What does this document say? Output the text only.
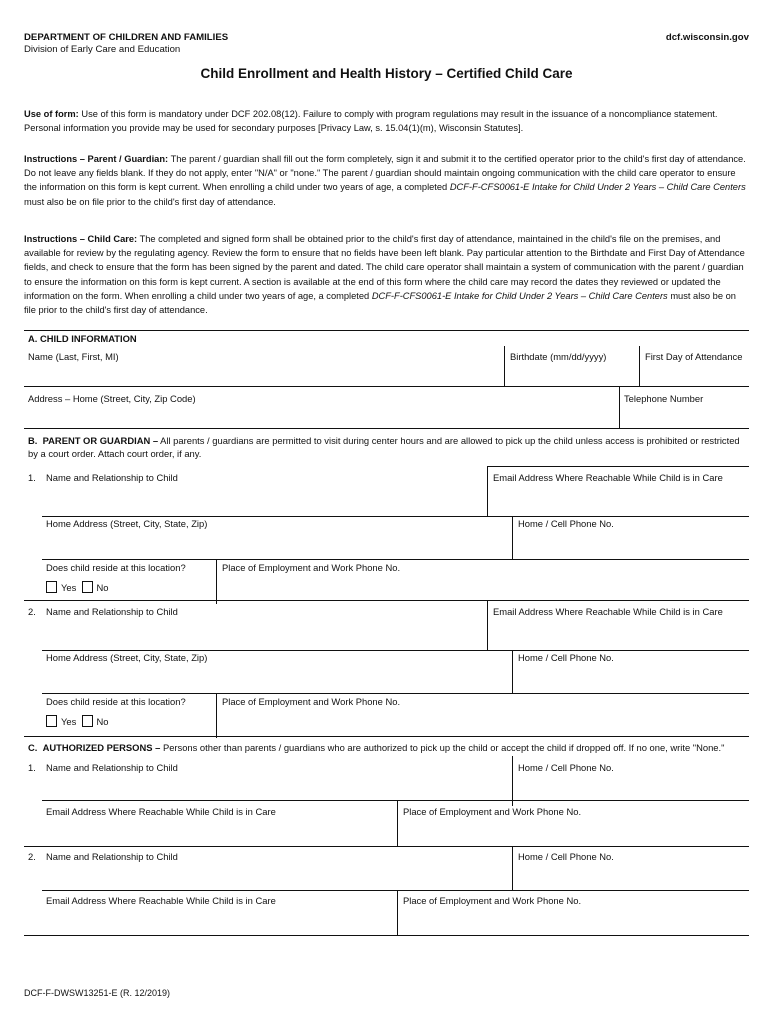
DEPARTMENT OF CHILDREN AND FAMILIES
Division of Early Care and Education
dcf.wisconsin.gov
Child Enrollment and Health History – Certified Child Care
Use of form: Use of this form is mandatory under DCF 202.08(12). Failure to comply with program regulations may result in the issuance of a noncompliance statement. Personal information you provide may be used for secondary purposes [Privacy Law, s. 15.04(1)(m), Wisconsin Statutes].
Instructions – Parent / Guardian: The parent / guardian shall fill out the form completely, sign it and submit it to the certified operator prior to the child's first day of attendance. Do not leave any fields blank. If they do not apply, enter "N/A" or "none." The parent / guardian should maintain ongoing communication with the child care operator to ensure the information on this form is kept current. When enrolling a child under two years of age, a completed DCF-F-CFS0061-E Intake for Child Under 2 Years – Child Care Centers must also be on file prior to the child's first day of attendance.
Instructions – Child Care: The completed and signed form shall be obtained prior to the child's first day of attendance, maintained in the child's file on the premises, and available for review by the regulating agency. Review the form to ensure that no fields have been left blank. Pay particular attention to the Birthdate and First Day of Attendance fields, and check to ensure that the form has been signed by the parent and dated. The child care operator shall maintain a system of communication with the parent / guardian to ensure the information on this form is kept current. A section is available at the end of this form where the child care may record the dates they reviewed or updated the information on the form. When enrolling a child under two years of age, a completed DCF-F-CFS0061-E Intake for Child Under 2 Years – Child Care Centers must also be on file prior to the child's first day of attendance.
A. CHILD INFORMATION
Name (Last, First, MI)	Birthdate (mm/dd/yyyy)	First Day of Attendance
Address – Home (Street, City, Zip Code)	Telephone Number
B. PARENT OR GUARDIAN – All parents / guardians are permitted to visit during center hours and are allowed to pick up the child unless access is prohibited or restricted by a court order. Attach court order, if any.
1. Name and Relationship to Child	Email Address Where Reachable While Child is in Care
Home Address (Street, City, State, Zip)	Home / Cell Phone No.
Does child reside at this location?	Place of Employment and Work Phone No.
Yes No
2. Name and Relationship to Child	Email Address Where Reachable While Child is in Care
Home Address (Street, City, State, Zip)	Home / Cell Phone No.
Does child reside at this location?	Place of Employment and Work Phone No.
Yes No
C. AUTHORIZED PERSONS – Persons other than parents / guardians who are authorized to pick up the child or accept the child if dropped off. If no one, write "None."
1. Name and Relationship to Child	Home / Cell Phone No.
Email Address Where Reachable While Child is in Care	Place of Employment and Work Phone No.
2. Name and Relationship to Child	Home / Cell Phone No.
Email Address Where Reachable While Child is in Care	Place of Employment and Work Phone No.
DCF-F-DWSW13251-E (R. 12/2019)
